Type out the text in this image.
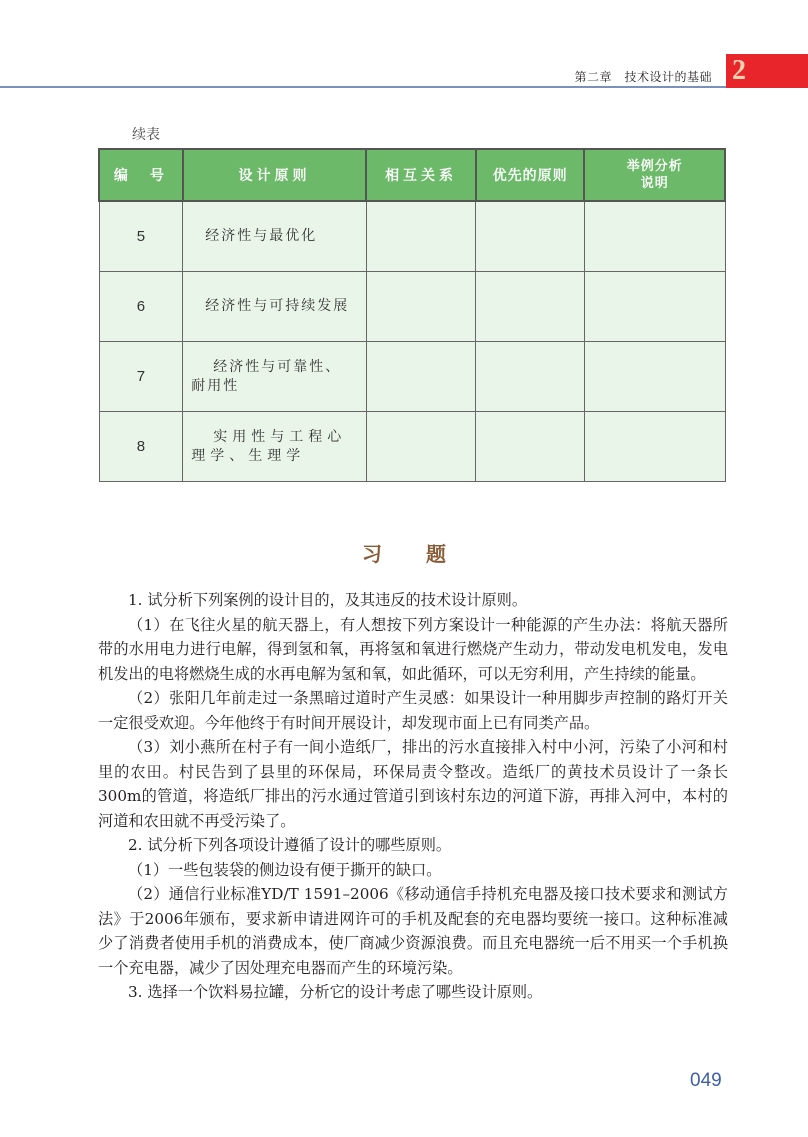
第二章　技术设计的基础 2
续表
编　号	设计原则	相互关系	优先的原则	举例分析
说明

5	经济性与最优化			
6	经济性与可持续发展			
7	经济性与可靠性、耐用性			
8	实用性与工程心理学、生理学			
习 题

1. 试分析下列案例的设计目的，及其违反的技术设计原则。

（1）在飞往火星的航天器上，有人想按下列方案设计一种能源的产生办法：将航天器所带的水用电力进行电解，得到氢和氧，再将氢和氧进行燃烧产生动力，带动发电机发电，发电机发出的电将燃烧生成的水再电解为氢和氧，如此循环，可以无穷利用，产生持续的能量。

（2）张阳几年前走过一条黑暗过道时产生灵感：如果设计一种用脚步声控制的路灯开关一定很受欢迎。今年他终于有时间开展设计，却发现市面上已有同类产品。

（3）刘小燕所在村子有一间小造纸厂，排出的污水直接排入村中小河，污染了小河和村里的农田。村民告到了县里的环保局，环保局责令整改。造纸厂的黄技术员设计了一条长300m的管道，将造纸厂排出的污水通过管道引到该村东边的河道下游，再排入河中，本村的河道和农田就不再受污染了。

2. 试分析下列各项设计遵循了设计的哪些原则。

（1）一些包装袋的侧边设有便于撕开的缺口。

（2）通信行业标准YD/T 1591–2006《移动通信手持机充电器及接口技术要求和测试方法》于2006年颁布，要求新申请进网许可的手机及配套的充电器均要统一接口。这种标准减少了消费者使用手机的消费成本，使厂商减少资源浪费。而且充电器统一后不用买一个手机换一个充电器，减少了因处理充电器而产生的环境污染。

3. 选择一个饮料易拉罐，分析它的设计考虑了哪些设计原则。

049
